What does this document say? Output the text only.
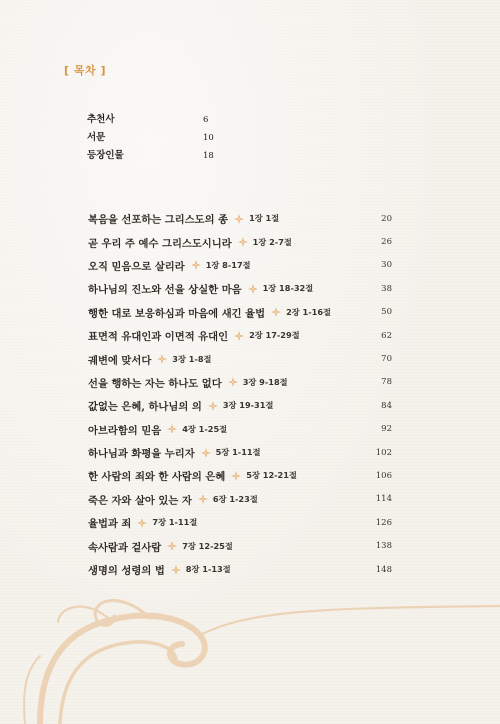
[ 목차 ]
추천사	6
서문	10
등장인물	18
복음을 선포하는 그리스도의 종	1장 1절	20
곧 우리 주 예수 그리스도시니라	1장 2-7절	26
오직 믿음으로 살리라	1장 8-17절	30
하나님의 진노와 선을 상실한 마음	1장 18-32절	38
행한 대로 보응하심과 마음에 새긴 율법	2장 1-16절	50
표면적 유대인과 이면적 유대인	2장 17-29절	62
궤변에 맞서다	3장 1-8절	70
선을 행하는 자는 하나도 없다	3장 9-18절	78
값없는 은혜, 하나님의 의	3장 19-31절	84
아브라함의 믿음	4장 1-25절	92
하나님과 화평을 누리자	5장 1-11절	102
한 사람의 죄와 한 사람의 은혜	5장 12-21절	106
죽은 자와 살아 있는 자	6장 1-23절	114
율법과 죄	7장 1-11절	126
속사람과 겉사람	7장 12-25절	138
생명의 성령의 법	8장 1-13절	148
